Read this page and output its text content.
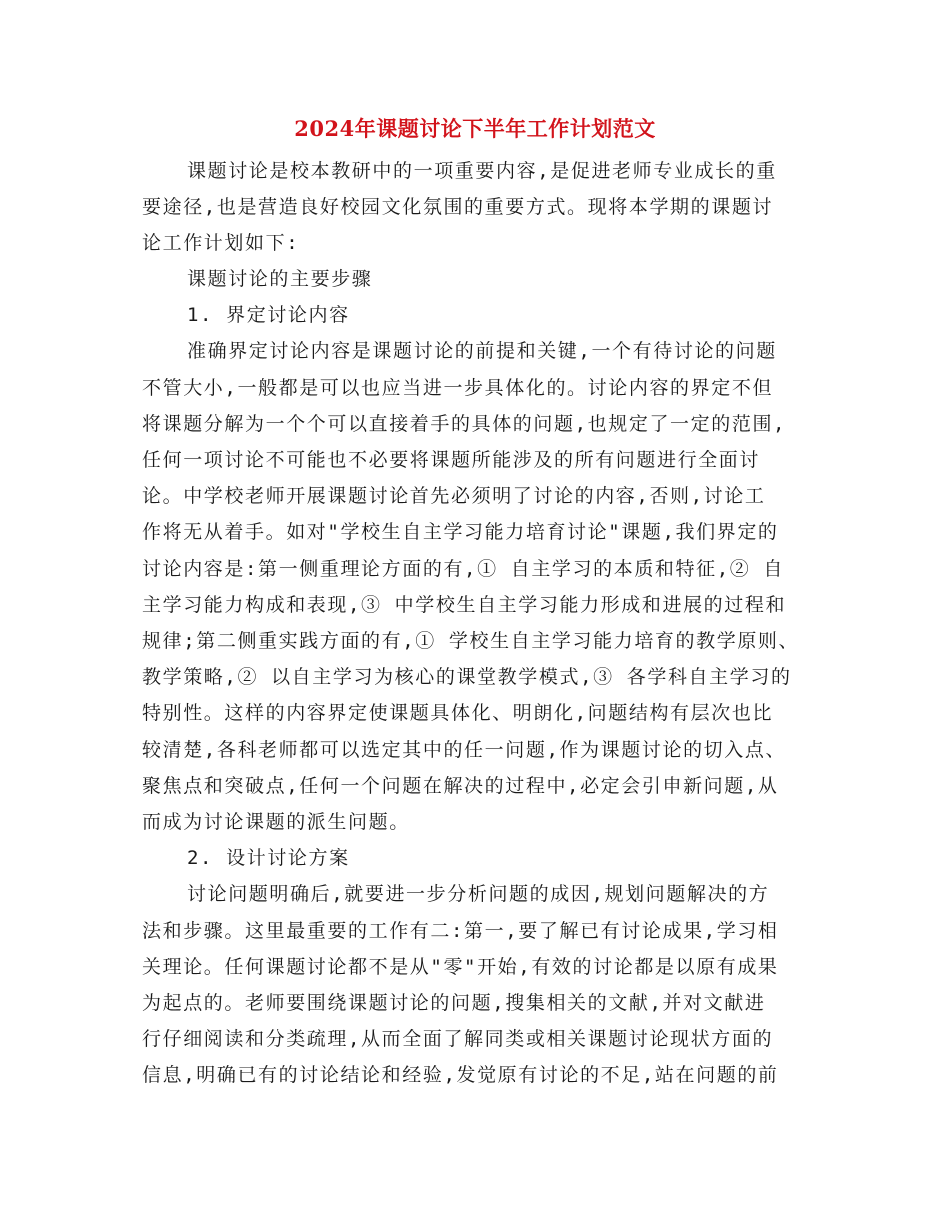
2024年课题讨论下半年工作计划范文
课题讨论是校本教研中的一项重要内容,是促进老师专业成长的重
要途径,也是营造良好校园文化氛围的重要方式。现将本学期的课题讨
论工作计划如下:
课题讨论的主要步骤
1. 界定讨论内容
准确界定讨论内容是课题讨论的前提和关键,一个有待讨论的问题
不管大小,一般都是可以也应当进一步具体化的。讨论内容的界定不但
将课题分解为一个个可以直接着手的具体的问题,也规定了一定的范围,
任何一项讨论不可能也不必要将课题所能涉及的所有问题进行全面讨
论。中学校老师开展课题讨论首先必须明了讨论的内容,否则,讨论工
作将无从着手。如对"学校生自主学习能力培育讨论"课题,我们界定的
讨论内容是:第一侧重理论方面的有,① 自主学习的本质和特征,② 自
主学习能力构成和表现,③ 中学校生自主学习能力形成和进展的过程和
规律;第二侧重实践方面的有,① 学校生自主学习能力培育的教学原则、
教学策略,② 以自主学习为核心的课堂教学模式,③ 各学科自主学习的
特别性。这样的内容界定使课题具体化、明朗化,问题结构有层次也比
较清楚,各科老师都可以选定其中的任一问题,作为课题讨论的切入点、
聚焦点和突破点,任何一个问题在解决的过程中,必定会引申新问题,从
而成为讨论课题的派生问题。
2. 设计讨论方案
讨论问题明确后,就要进一步分析问题的成因,规划问题解决的方
法和步骤。这里最重要的工作有二:第一,要了解已有讨论成果,学习相
关理论。任何课题讨论都不是从"零"开始,有效的讨论都是以原有成果
为起点的。老师要围绕课题讨论的问题,搜集相关的文献,并对文献进
行仔细阅读和分类疏理,从而全面了解同类或相关课题讨论现状方面的
信息,明确已有的讨论结论和经验,发觉原有讨论的不足,站在问题的前
